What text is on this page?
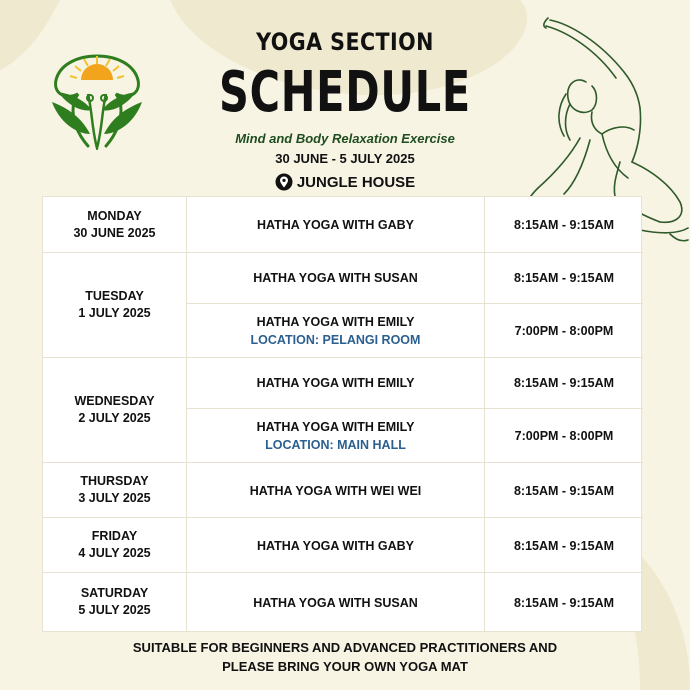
YOGA SECTION
SCHEDULE
Mind and Body Relaxation Exercise
30 JUNE - 5 JULY 2025
JUNGLE HOUSE
MONDAY
30 JUNE 2025
HATHA YOGA WITH GABY	8:15AM - 9:15AM
TUESDAY
1 JULY 2025
HATHA YOGA WITH SUSAN	8:15AM - 9:15AM
HATHA YOGA WITH EMILY
LOCATION: PELANGI ROOM
7:00PM - 8:00PM
WEDNESDAY
2 JULY 2025
HATHA YOGA WITH EMILY	8:15AM - 9:15AM
HATHA YOGA WITH EMILY
LOCATION: MAIN HALL
7:00PM - 8:00PM
THURSDAY
3 JULY 2025
HATHA YOGA WITH WEI WEI	8:15AM - 9:15AM
FRIDAY
4 JULY 2025
HATHA YOGA WITH GABY	8:15AM - 9:15AM
SATURDAY
5 JULY 2025
HATHA YOGA WITH SUSAN	8:15AM - 9:15AM
SUITABLE FOR BEGINNERS AND ADVANCED PRACTITIONERS AND
PLEASE BRING YOUR OWN YOGA MAT
